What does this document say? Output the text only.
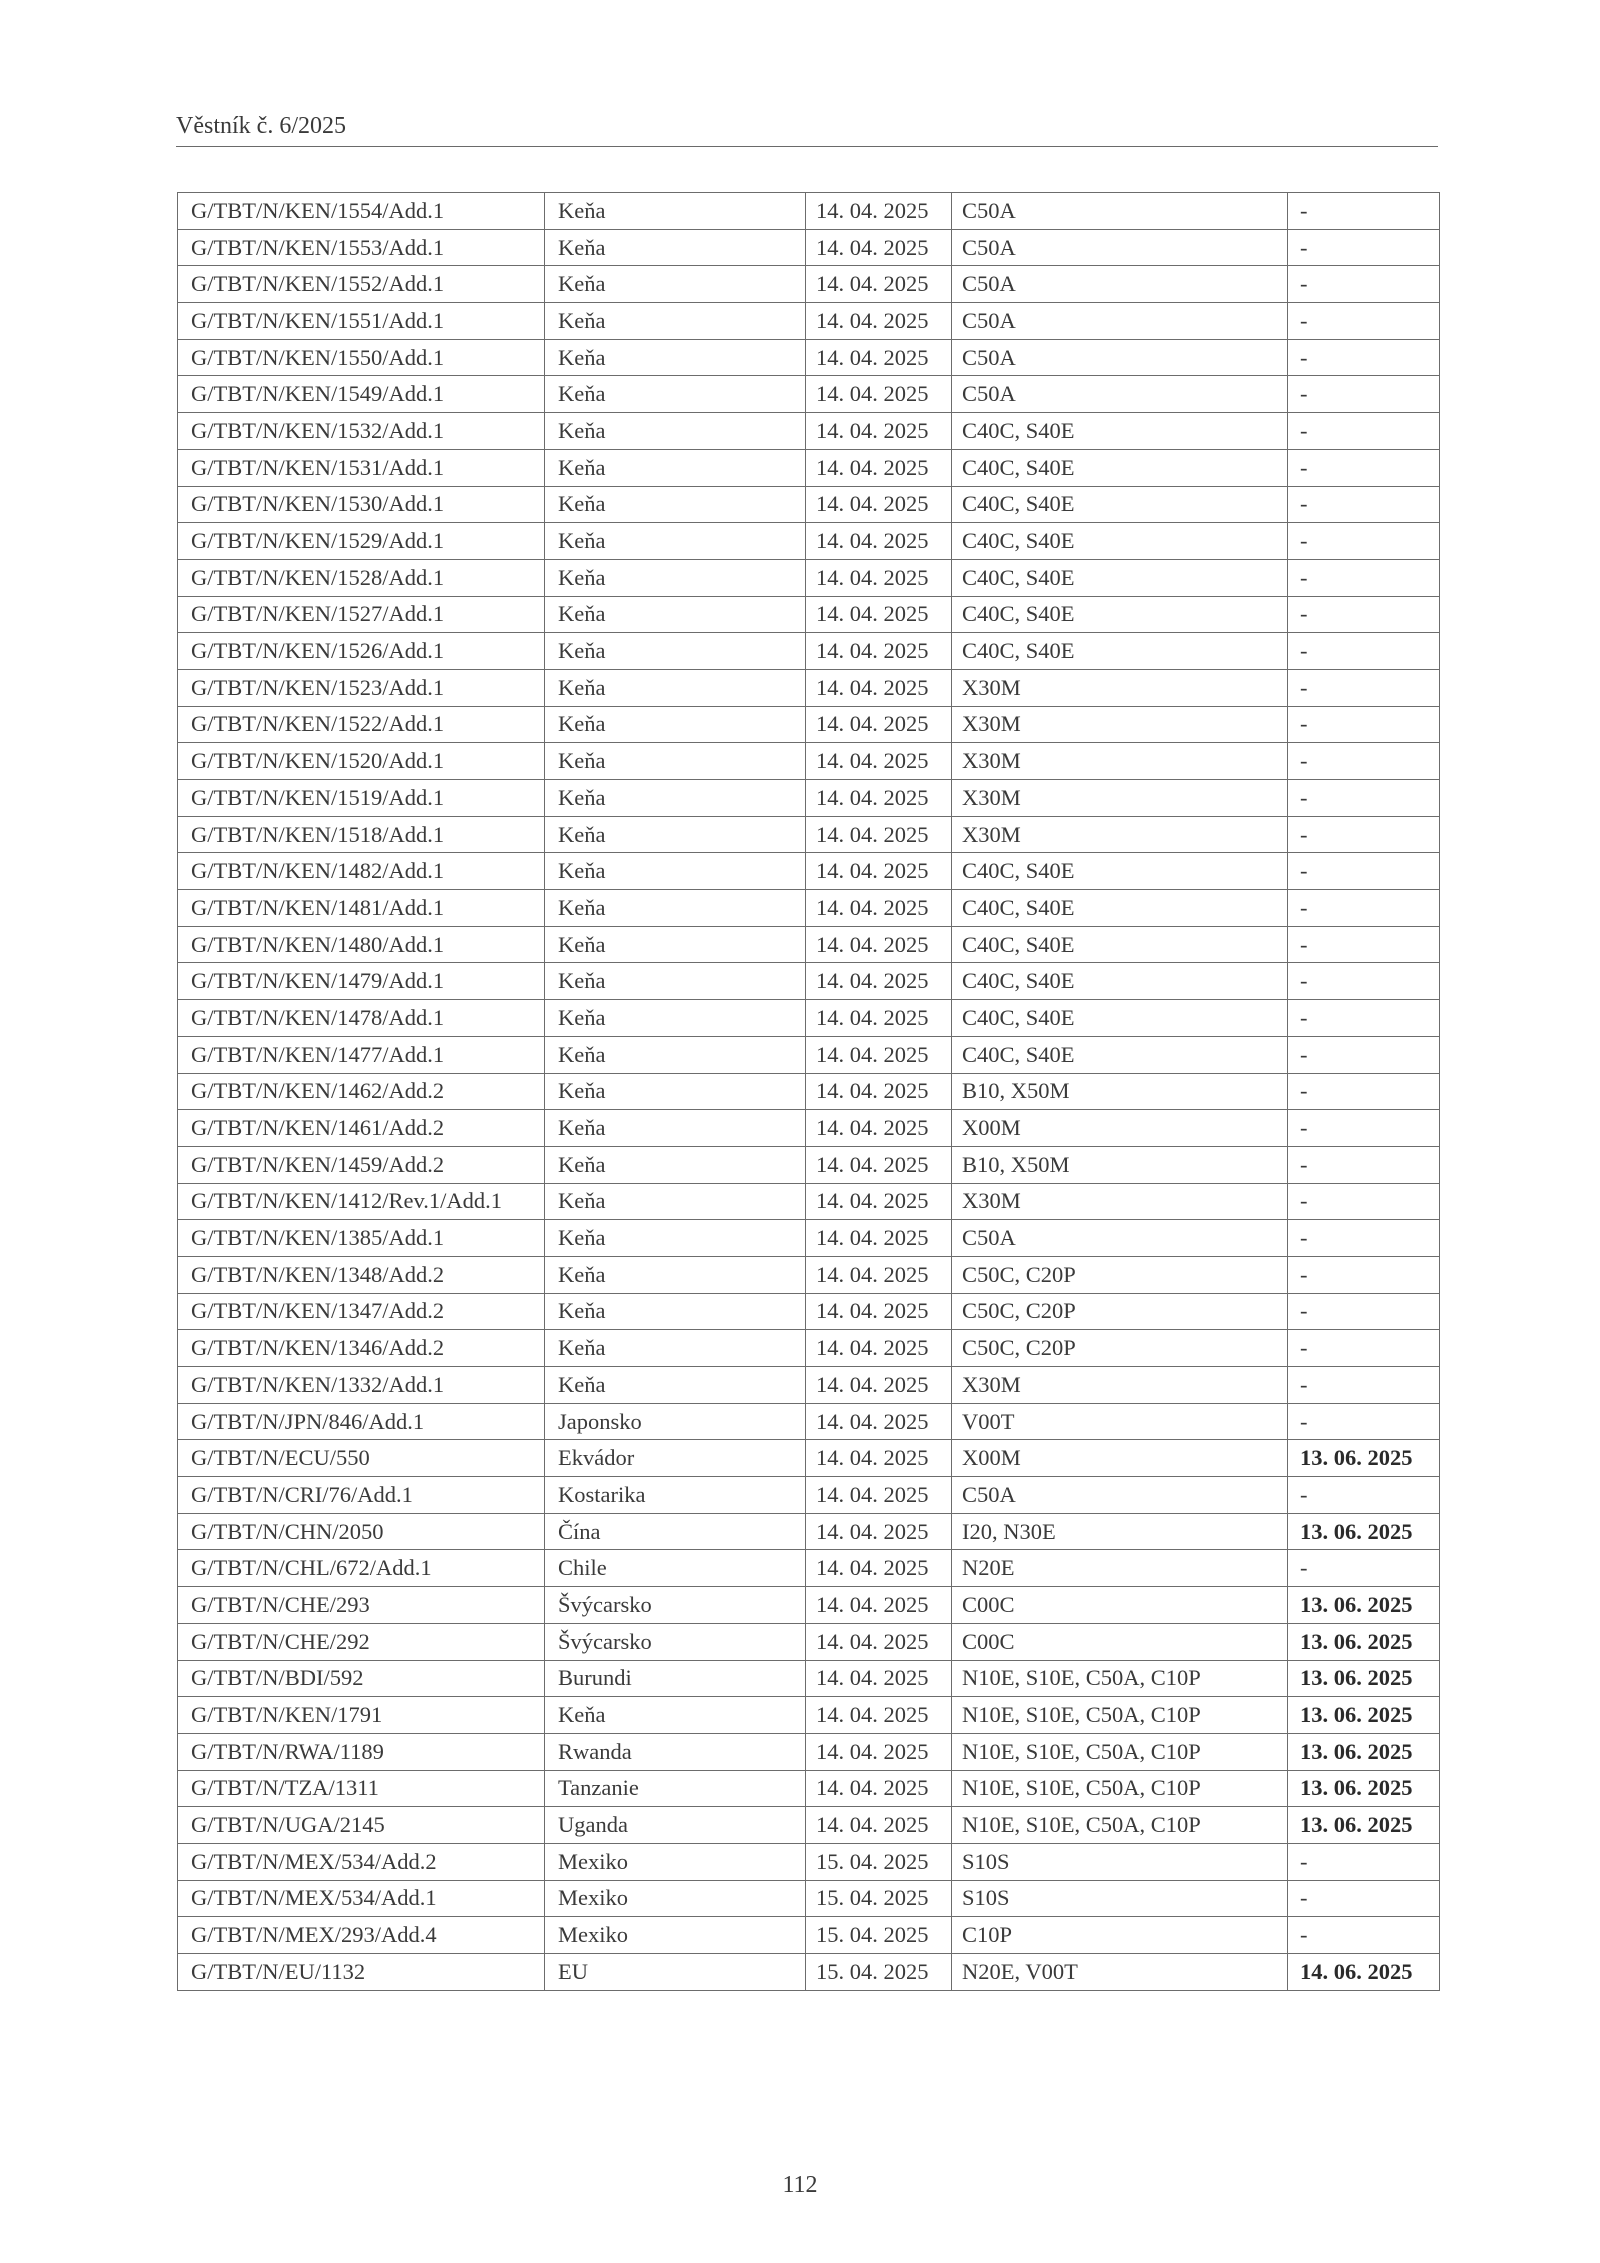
Věstník č. 6/2025
G/TBT/N/KEN/1554/Add.1	Keňa	14. 04. 2025	C50A	-
G/TBT/N/KEN/1553/Add.1	Keňa	14. 04. 2025	C50A	-
G/TBT/N/KEN/1552/Add.1	Keňa	14. 04. 2025	C50A	-
G/TBT/N/KEN/1551/Add.1	Keňa	14. 04. 2025	C50A	-
G/TBT/N/KEN/1550/Add.1	Keňa	14. 04. 2025	C50A	-
G/TBT/N/KEN/1549/Add.1	Keňa	14. 04. 2025	C50A	-
G/TBT/N/KEN/1532/Add.1	Keňa	14. 04. 2025	C40C, S40E	-
G/TBT/N/KEN/1531/Add.1	Keňa	14. 04. 2025	C40C, S40E	-
G/TBT/N/KEN/1530/Add.1	Keňa	14. 04. 2025	C40C, S40E	-
G/TBT/N/KEN/1529/Add.1	Keňa	14. 04. 2025	C40C, S40E	-
G/TBT/N/KEN/1528/Add.1	Keňa	14. 04. 2025	C40C, S40E	-
G/TBT/N/KEN/1527/Add.1	Keňa	14. 04. 2025	C40C, S40E	-
G/TBT/N/KEN/1526/Add.1	Keňa	14. 04. 2025	C40C, S40E	-
G/TBT/N/KEN/1523/Add.1	Keňa	14. 04. 2025	X30M	-
G/TBT/N/KEN/1522/Add.1	Keňa	14. 04. 2025	X30M	-
G/TBT/N/KEN/1520/Add.1	Keňa	14. 04. 2025	X30M	-
G/TBT/N/KEN/1519/Add.1	Keňa	14. 04. 2025	X30M	-
G/TBT/N/KEN/1518/Add.1	Keňa	14. 04. 2025	X30M	-
G/TBT/N/KEN/1482/Add.1	Keňa	14. 04. 2025	C40C, S40E	-
G/TBT/N/KEN/1481/Add.1	Keňa	14. 04. 2025	C40C, S40E	-
G/TBT/N/KEN/1480/Add.1	Keňa	14. 04. 2025	C40C, S40E	-
G/TBT/N/KEN/1479/Add.1	Keňa	14. 04. 2025	C40C, S40E	-
G/TBT/N/KEN/1478/Add.1	Keňa	14. 04. 2025	C40C, S40E	-
G/TBT/N/KEN/1477/Add.1	Keňa	14. 04. 2025	C40C, S40E	-
G/TBT/N/KEN/1462/Add.2	Keňa	14. 04. 2025	B10, X50M	-
G/TBT/N/KEN/1461/Add.2	Keňa	14. 04. 2025	X00M	-
G/TBT/N/KEN/1459/Add.2	Keňa	14. 04. 2025	B10, X50M	-
G/TBT/N/KEN/1412/Rev.1/Add.1	Keňa	14. 04. 2025	X30M	-
G/TBT/N/KEN/1385/Add.1	Keňa	14. 04. 2025	C50A	-
G/TBT/N/KEN/1348/Add.2	Keňa	14. 04. 2025	C50C, C20P	-
G/TBT/N/KEN/1347/Add.2	Keňa	14. 04. 2025	C50C, C20P	-
G/TBT/N/KEN/1346/Add.2	Keňa	14. 04. 2025	C50C, C20P	-
G/TBT/N/KEN/1332/Add.1	Keňa	14. 04. 2025	X30M	-
G/TBT/N/JPN/846/Add.1	Japonsko	14. 04. 2025	V00T	-
G/TBT/N/ECU/550	Ekvádor	14. 04. 2025	X00M	13. 06. 2025
G/TBT/N/CRI/76/Add.1	Kostarika	14. 04. 2025	C50A	-
G/TBT/N/CHN/2050	Čína	14. 04. 2025	I20, N30E	13. 06. 2025
G/TBT/N/CHL/672/Add.1	Chile	14. 04. 2025	N20E	-
G/TBT/N/CHE/293	Švýcarsko	14. 04. 2025	C00C	13. 06. 2025
G/TBT/N/CHE/292	Švýcarsko	14. 04. 2025	C00C	13. 06. 2025
G/TBT/N/BDI/592	Burundi	14. 04. 2025	N10E, S10E, C50A, C10P	13. 06. 2025
G/TBT/N/KEN/1791	Keňa	14. 04. 2025	N10E, S10E, C50A, C10P	13. 06. 2025
G/TBT/N/RWA/1189	Rwanda	14. 04. 2025	N10E, S10E, C50A, C10P	13. 06. 2025
G/TBT/N/TZA/1311	Tanzanie	14. 04. 2025	N10E, S10E, C50A, C10P	13. 06. 2025
G/TBT/N/UGA/2145	Uganda	14. 04. 2025	N10E, S10E, C50A, C10P	13. 06. 2025
G/TBT/N/MEX/534/Add.2	Mexiko	15. 04. 2025	S10S	-
G/TBT/N/MEX/534/Add.1	Mexiko	15. 04. 2025	S10S	-
G/TBT/N/MEX/293/Add.4	Mexiko	15. 04. 2025	C10P	-
G/TBT/N/EU/1132	EU	15. 04. 2025	N20E, V00T	14. 06. 2025
112
